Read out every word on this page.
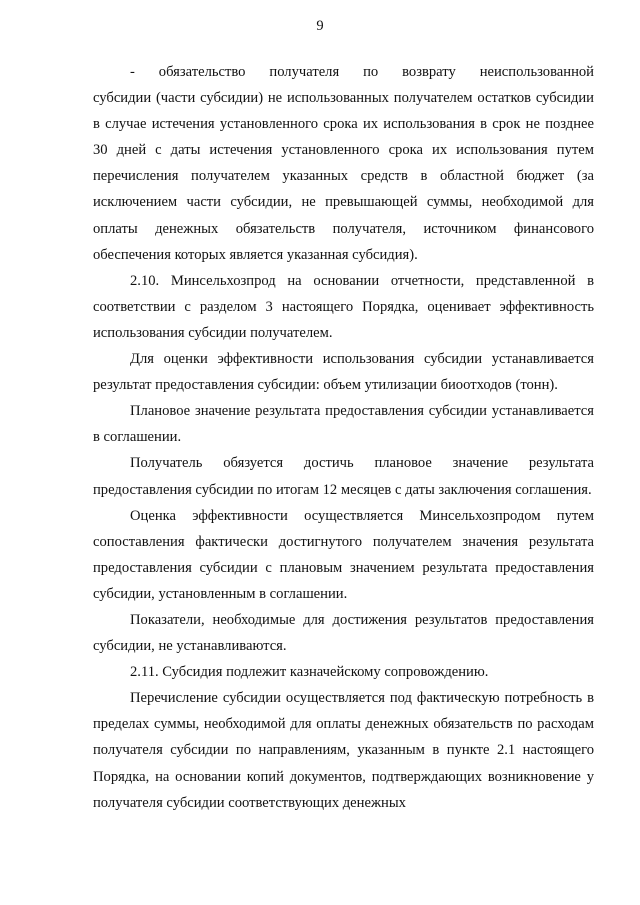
9
- обязательство получателя по возврату неиспользованной

субсидии (части субсидии) не использованных получателем остатков субсидии в случае истечения установленного срока их использования в срок не позднее 30 дней с даты истечения установленного срока их использования путем перечисления получателем указанных средств в областной бюджет (за исключением части субсидии, не превышающей суммы, необходимой для оплаты денежных обязательств получателя, источником финансового обеспечения которых является указанная субсидия).

2.10. Минсельхозпрод на основании отчетности, представленной в соответствии с разделом 3 настоящего Порядка, оценивает эффективность использования субсидии получателем.

Для оценки эффективности использования субсидии устанавливается результат предоставления субсидии: объем утилизации биоотходов (тонн).

Плановое значение результата предоставления субсидии устанавливается в соглашении.

Получатель обязуется достичь плановое значение результата предоставления субсидии по итогам 12 месяцев с даты заключения соглашения.

Оценка эффективности осуществляется Минсельхозпродом путем сопоставления фактически достигнутого получателем значения результата предоставления субсидии с плановым значением результата предоставления субсидии, установленным в соглашении.

Показатели, необходимые для достижения результатов предоставления субсидии, не устанавливаются.

2.11. Субсидия подлежит казначейскому сопровождению.

Перечисление субсидии осуществляется под фактическую потребность в пределах суммы, необходимой для оплаты денежных обязательств по расходам получателя субсидии по направлениям, указанным в пункте 2.1 настоящего Порядка, на основании копий документов, подтверждающих возникновение у получателя субсидии соответствующих денежных
